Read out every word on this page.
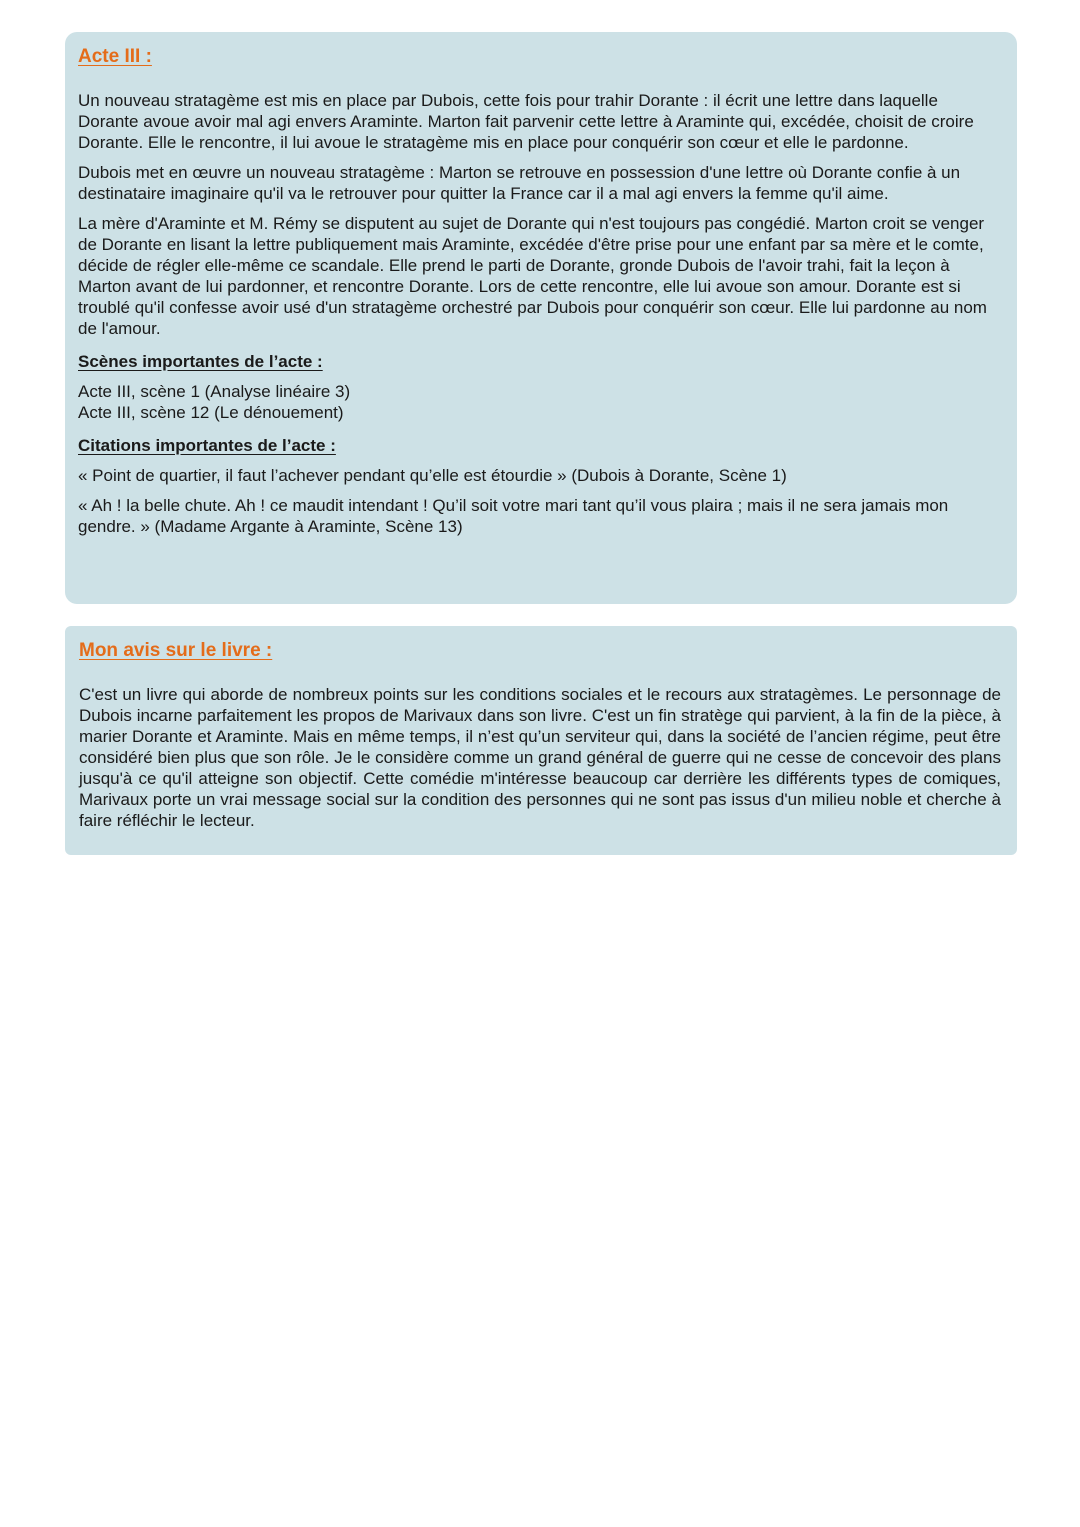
Acte III :

Un nouveau stratagème est mis en place par Dubois, cette fois pour trahir Dorante : il écrit une lettre dans laquelle Dorante avoue avoir mal agi envers Araminte. Marton fait parvenir cette lettre à Araminte qui, excédée, choisit de croire Dorante. Elle le rencontre, il lui avoue le stratagème mis en place pour conquérir son cœur et elle le pardonne.

Dubois met en œuvre un nouveau stratagème : Marton se retrouve en possession d'une lettre où Dorante confie à un destinataire imaginaire qu'il va le retrouver pour quitter la France car il a mal agi envers la femme qu'il aime.

La mère d'Araminte et M. Rémy se disputent au sujet de Dorante qui n'est toujours pas congédié. Marton croit se venger de Dorante en lisant la lettre publiquement mais Araminte, excédée d'être prise pour une enfant par sa mère et le comte, décide de régler elle-même ce scandale. Elle prend le parti de Dorante, gronde Dubois de l'avoir trahi, fait la leçon à Marton avant de lui pardonner, et rencontre Dorante. Lors de cette rencontre, elle lui avoue son amour. Dorante est si troublé qu'il confesse avoir usé d'un stratagème orchestré par Dubois pour conquérir son cœur. Elle lui pardonne au nom de l'amour.

Scènes importantes de l’acte :
Acte III, scène 1 (Analyse linéaire 3)
Acte III, scène 12 (Le dénouement)
Citations importantes de l’acte :

« Point de quartier, il faut l’achever pendant qu’elle est étourdie » (Dubois à Dorante, Scène 1)

« Ah ! la belle chute. Ah ! ce maudit intendant ! Qu’il soit votre mari tant qu’il vous plaira ; mais il ne sera jamais mon gendre. » (Madame Argante à Araminte, Scène 13)

Mon avis sur le livre :

C'est un livre qui aborde de nombreux points sur les conditions sociales et le recours aux stratagèmes. Le personnage de Dubois incarne parfaitement les propos de Marivaux dans son livre. C'est un fin stratège qui parvient, à la fin de la pièce, à marier Dorante et Araminte. Mais en même temps, il n’est qu’un serviteur qui, dans la société de l’ancien régime, peut être considéré bien plus que son rôle. Je le considère comme un grand général de guerre qui ne cesse de concevoir des plans jusqu'à ce qu'il atteigne son objectif. Cette comédie m'intéresse beaucoup car derrière les différents types de comiques, Marivaux porte un vrai message social sur la condition des personnes qui ne sont pas issus d'un milieu noble et cherche à faire réfléchir le lecteur.
